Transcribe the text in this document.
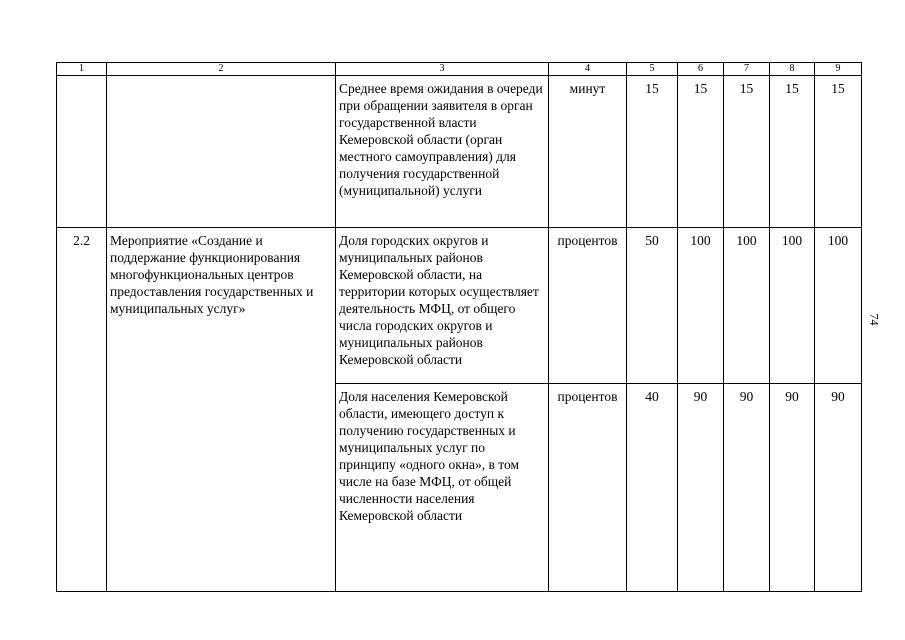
1	2	3	4	5	6	7	8	9

		Среднее время ожидания в очереди при обращении заявителя в орган государственной власти Кемеровской области (орган местного самоуправления) для получения государственной (муниципальной) услуги	минут	15	15	15	15	15

2.2	Мероприятие «Создание и поддержание функционирования многофункциональных центров предоставления государственных и муниципальных услуг»	Доля городских округов и муниципальных районов Кемеровской области, на территории которых осуществляет деятельность МФЦ, от общего числа городских округов и муниципальных районов Кемеровской области	процентов	50	100	100	100	100

		Доля населения Кемеровской области, имеющего доступ к получению государственных и муниципальных услуг по принципу «одного окна», в том числе на базе МФЦ, от общей численности населения Кемеровской области	процентов	40	90	90	90	90
74
